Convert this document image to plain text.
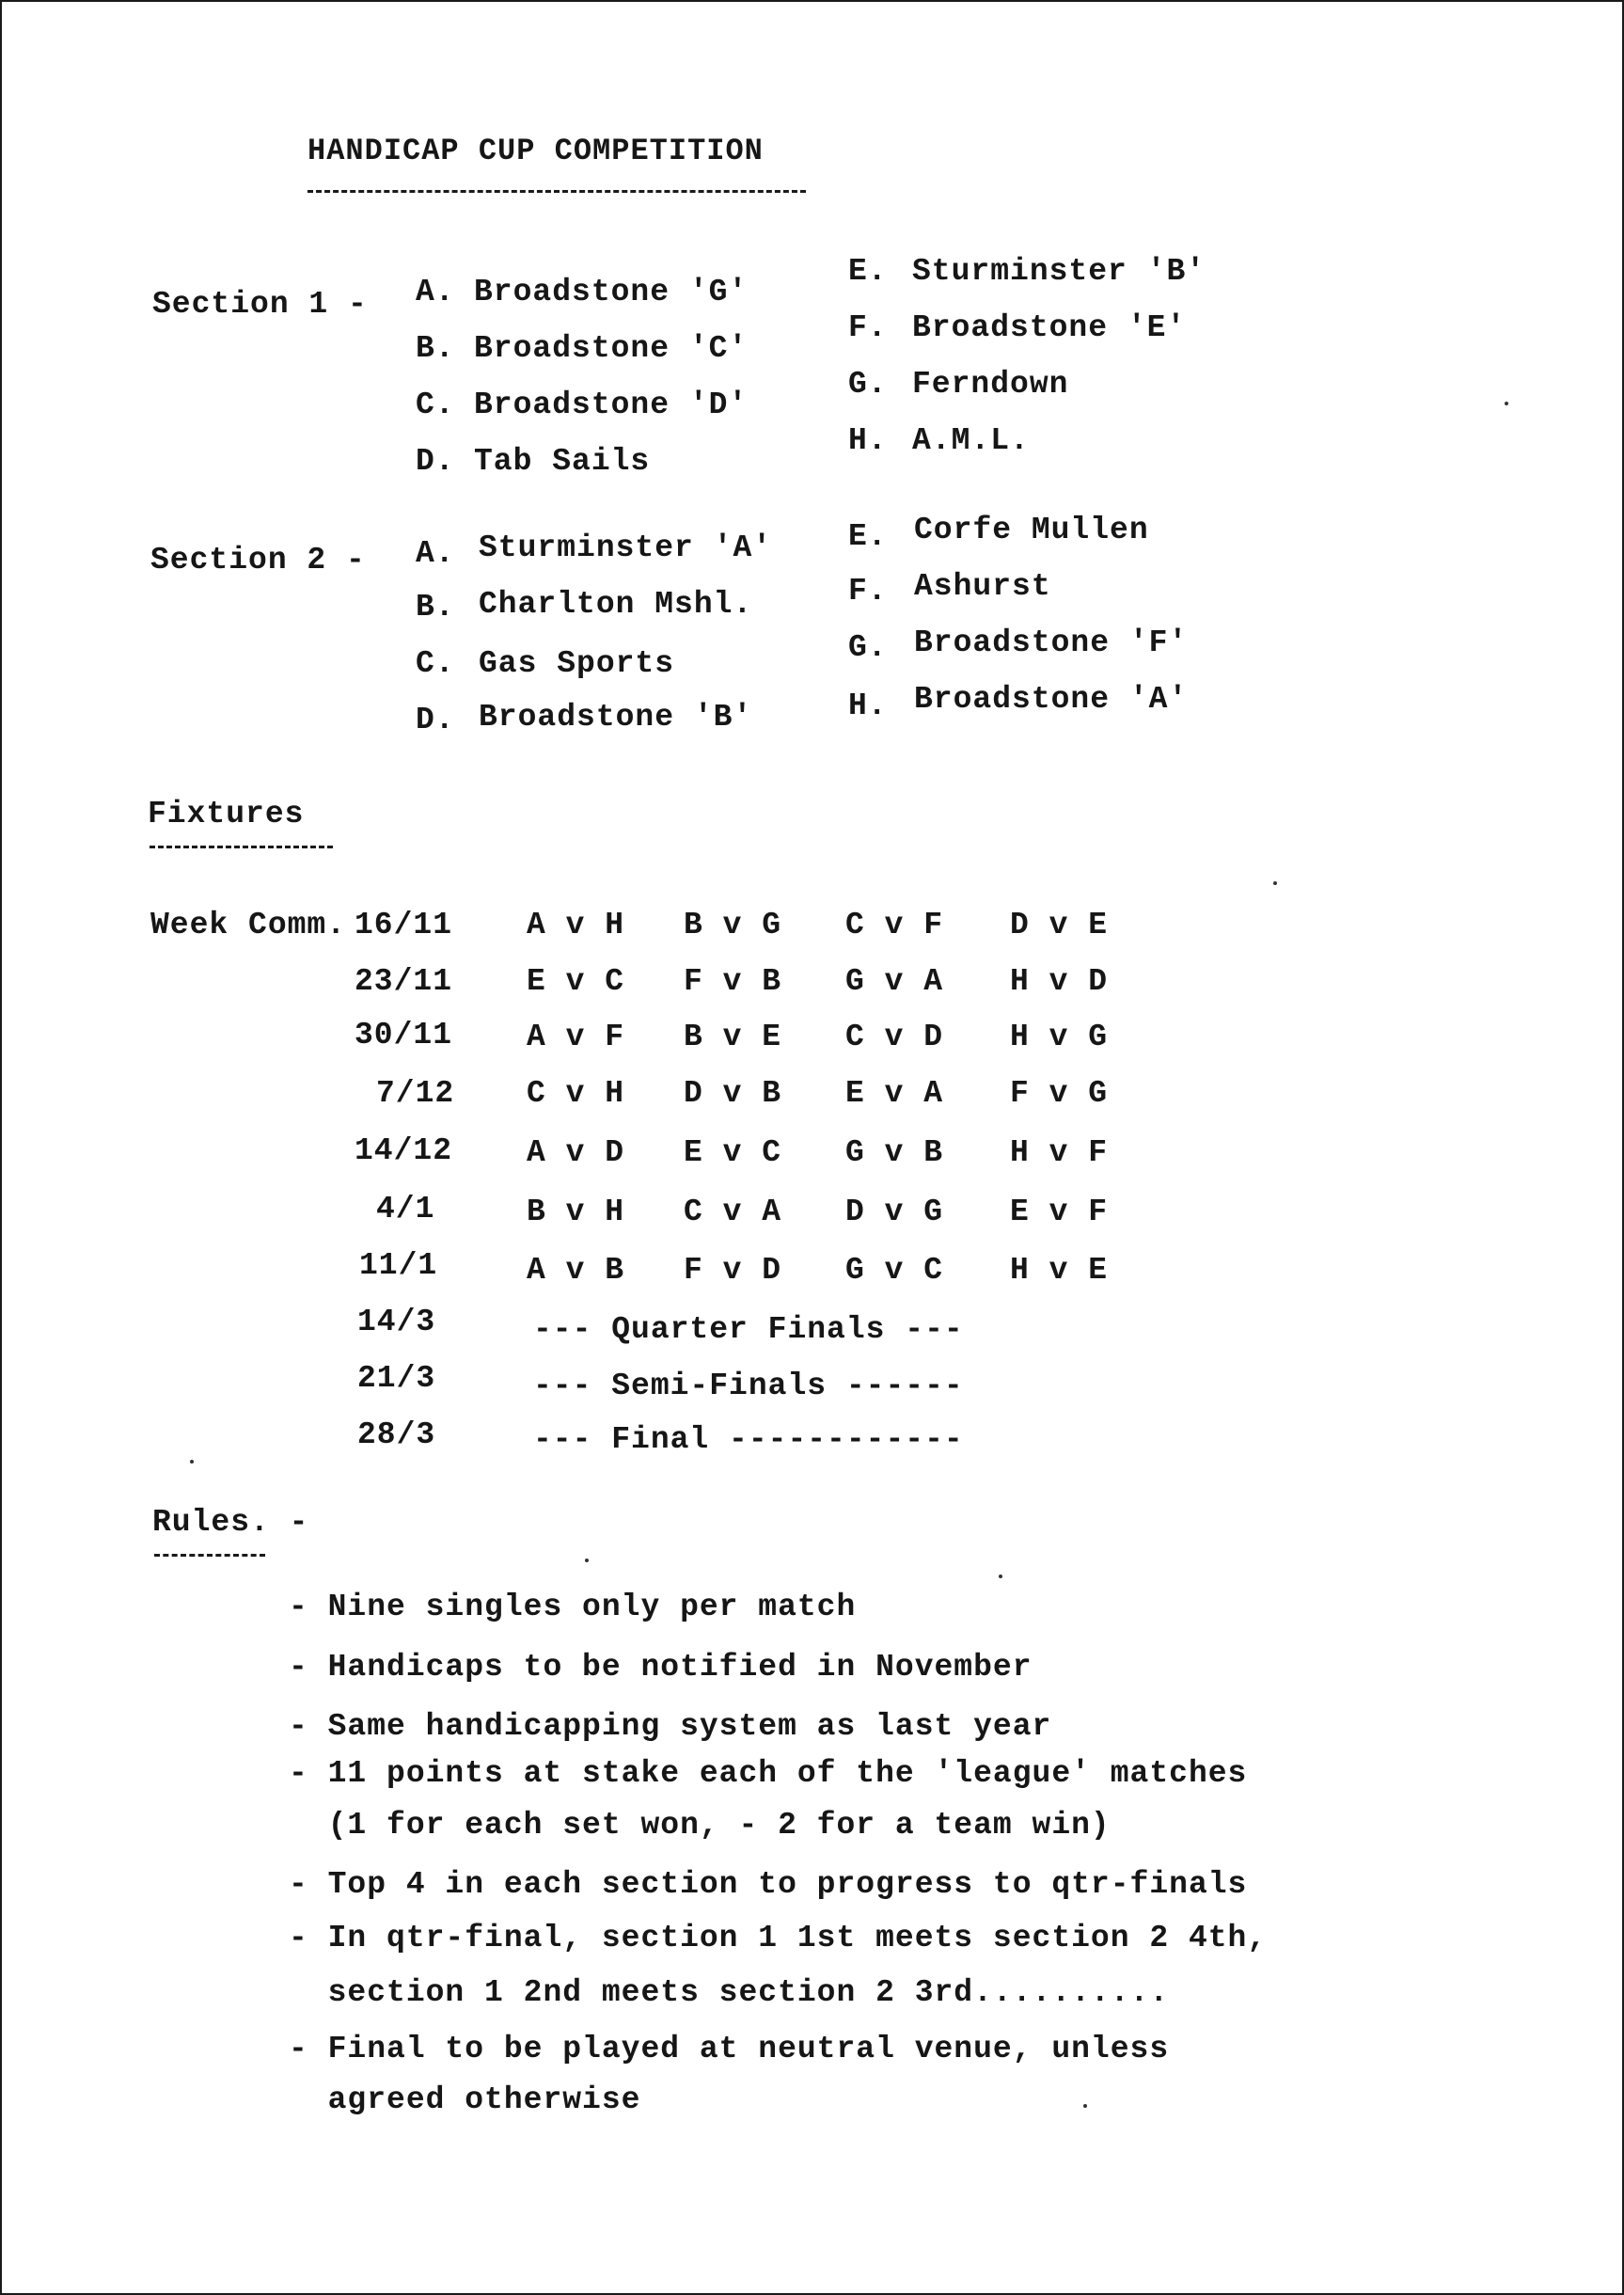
HANDICAP CUP COMPETITION
Section 1 - A. Broadstone 'G'
B. Broadstone 'C'
C. Broadstone 'D'
D. Tab Sails
E. Sturminster 'B'
F. Broadstone 'E'
G. Ferndown
H. A.M.L.
Section 2 - A. Sturminster 'A'
B. Charlton Mshl.
C. Gas Sports
D. Broadstone 'B'
E. Corfe Mullen
F. Ashurst
G. Broadstone 'F'
H. Broadstone 'A'
Fixtures
Week Comm. 16/11 A v H B v G C v F D v E
23/11 E v C F v B G v A H v D
30/11 A v F B v E C v D H v G
7/12 C v H D v B E v A F v G
14/12 A v D E v C G v B H v F
4/1	B v H C v A D v G E v F
11/1	A v B F v D G v C H v E
14/3	--- Quarter Finals ---
21/3	--- Semi-Finals ------
28/3	--- Final ------------
Rules. -
- Nine singles only per match
- Handicaps to be notified in November
- Same handicapping system as last year
- 11 points at stake each of the 'league' matches
(1 for each set won, - 2 for a team win)
- Top 4 in each section to progress to qtr-finals
- In qtr-final, section 1 1st meets section 2 4th,
section 1 2nd meets section 2 3rd..........
- Final to be played at neutral venue, unless
agreed otherwise
